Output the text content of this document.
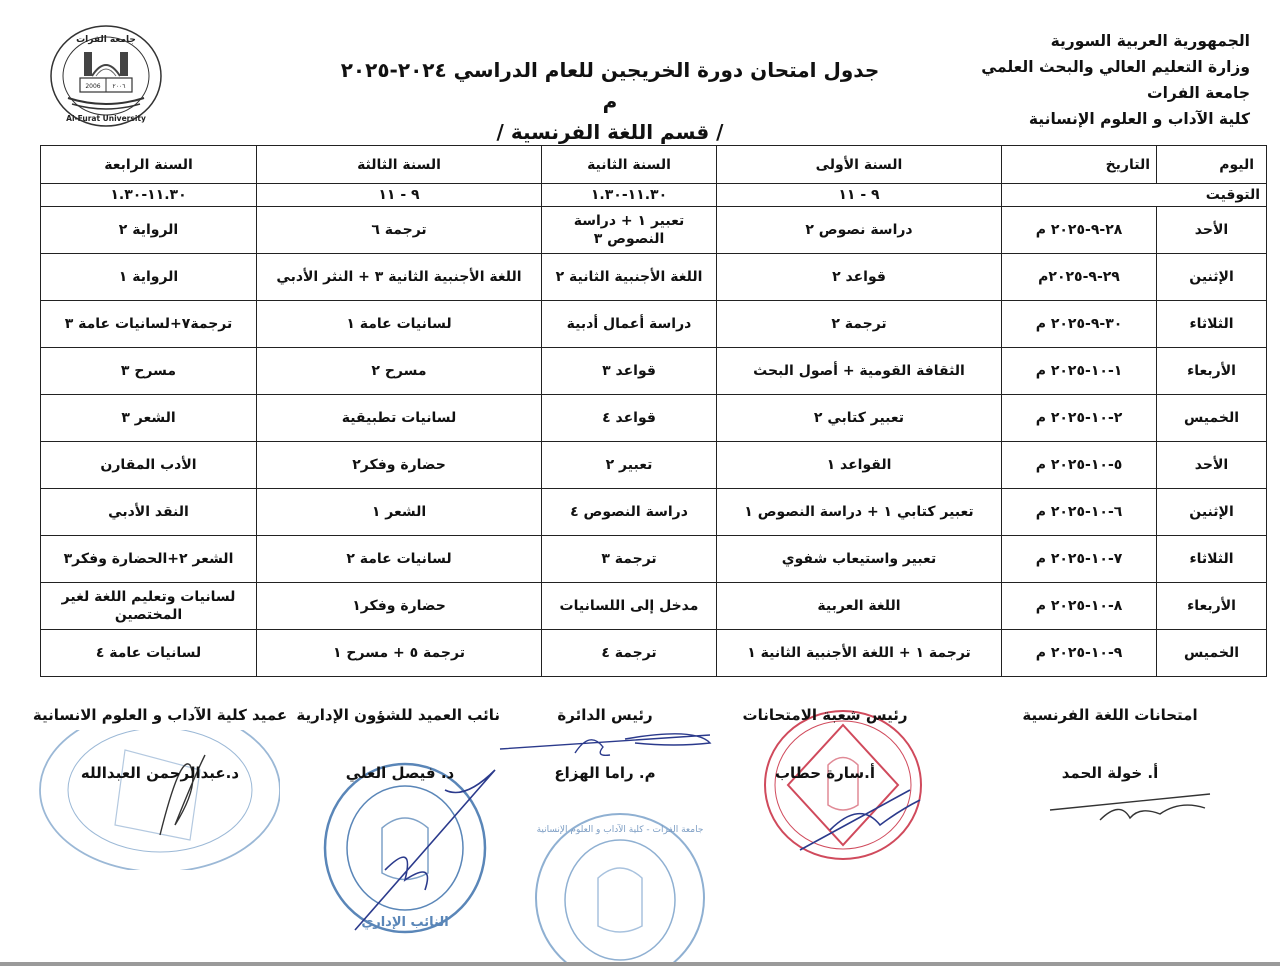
الجمهورية العربية السورية
وزارة التعليم العالي والبحث العلمي
جامعة الفرات
كلية الآداب و العلوم الإنسانية
جدول امتحان دورة الخريجين للعام الدراسي ٢٠٢٤-٢٠٢٥ م
/ قسم اللغة الفرنسية /
2006 ٢٠٠٦
جامعة الفرات
Al-Furat University
اليوم	التاريخ	السنة الأولى	السنة الثانية	السنة الثالثة	السنة الرابعة
التوقيت		٩ - ١١	١١.٣٠-١.٣٠	٩ - ١١	١١.٣٠-١.٣٠
الأحد	٢٨-٩-٢٠٢٥ م	دراسة نصوص ٢	تعبير ١ + دراسة النصوص ٣	ترجمة ٦	الرواية ٢
الإثنين	٢٩-٩-٢٠٢٥م	قواعد ٢	اللغة الأجنبية الثانية ٢	اللغة الأجنبية الثانية ٣ + النثر الأدبي	الرواية ١
الثلاثاء	٣٠-٩-٢٠٢٥ م	ترجمة ٢	دراسة أعمال أدبية	لسانيات عامة ١	ترجمة٧+لسانيات عامة ٣
الأربعاء	١-١٠-٢٠٢٥ م	الثقافة القومية + أصول البحث	قواعد ٣	مسرح ٢	مسرح ٣
الخميس	٢-١٠-٢٠٢٥ م	تعبير كتابي ٢	قواعد ٤	لسانيات تطبيقية	الشعر ٣
الأحد	٥-١٠-٢٠٢٥ م	القواعد ١	تعبير ٢	حضارة وفكر٢	الأدب المقارن
الإثنين	٦-١٠-٢٠٢٥ م	تعبير كتابي ١ + دراسة النصوص ١	دراسة النصوص ٤	الشعر ١	النقد الأدبي
الثلاثاء	٧-١٠-٢٠٢٥ م	تعبير واستيعاب شفوي	ترجمة ٣	لسانيات عامة ٢	الشعر ٢+الحضارة وفكر٣
الأربعاء	٨-١٠-٢٠٢٥ م	اللغة العربية	مدخل إلى اللسانيات	حضارة وفكر١	لسانيات وتعليم اللغة لغير المختصين
الخميس	٩-١٠-٢٠٢٥ م	ترجمة ١ + اللغة الأجنبية الثانية ١	ترجمة ٤	ترجمة ٥ + مسرح ١	لسانيات عامة ٤
النائب الإداري
جامعة الفرات - كلية الآداب و العلوم الإنسانية
امتحانات اللغة الفرنسية
أ. خولة الحمد
رئيس شعبة الامتحانات
أ.سارة حطاب
رئيس الدائرة
م. راما الهزاع
نائب العميد للشؤون الإدارية
د. فيصل العلي
عميد كلية الآداب و العلوم الانسانية
د.عبدالرحمن العبدالله
